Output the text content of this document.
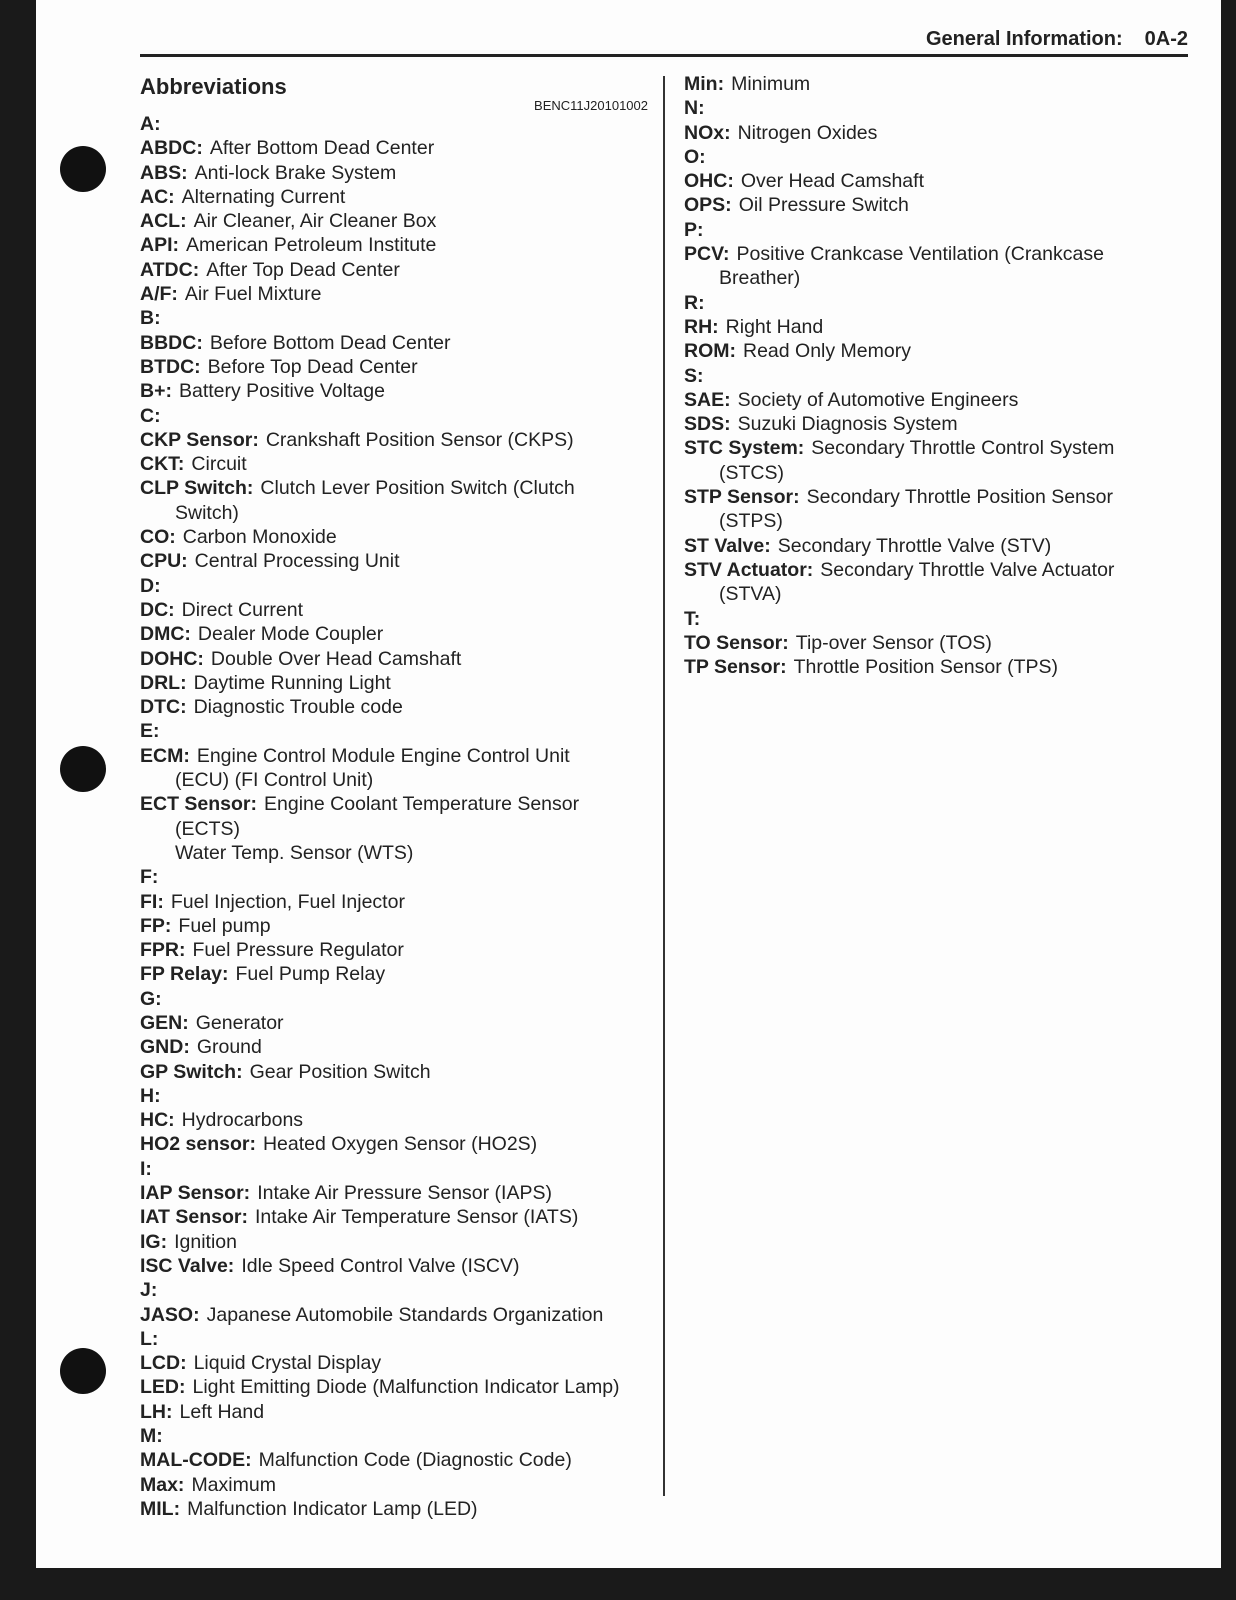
General Information: 0A-2
Abbreviations
BENC11J20101002
A:
ABDC: After Bottom Dead Center
ABS: Anti-lock Brake System
AC: Alternating Current
ACL: Air Cleaner, Air Cleaner Box
API: American Petroleum Institute
ATDC: After Top Dead Center
A/F: Air Fuel Mixture
B:
BBDC: Before Bottom Dead Center
BTDC: Before Top Dead Center
B+: Battery Positive Voltage
C:
CKP Sensor: Crankshaft Position Sensor (CKPS)
CKT: Circuit
CLP Switch: Clutch Lever Position Switch (Clutch
Switch)
CO: Carbon Monoxide
CPU: Central Processing Unit
D:
DC: Direct Current
DMC: Dealer Mode Coupler
DOHC: Double Over Head Camshaft
DRL: Daytime Running Light
DTC: Diagnostic Trouble code
E:
ECM: Engine Control Module Engine Control Unit
(ECU) (FI Control Unit)
ECT Sensor: Engine Coolant Temperature Sensor
(ECTS)
Water Temp. Sensor (WTS)
F:
FI: Fuel Injection, Fuel Injector
FP: Fuel pump
FPR: Fuel Pressure Regulator
FP Relay: Fuel Pump Relay
G:
GEN: Generator
GND: Ground
GP Switch: Gear Position Switch
H:
HC: Hydrocarbons
HO2 sensor: Heated Oxygen Sensor (HO2S)
I:
IAP Sensor: Intake Air Pressure Sensor (IAPS)
IAT Sensor: Intake Air Temperature Sensor (IATS)
IG: Ignition
ISC Valve: Idle Speed Control Valve (ISCV)
J:
JASO: Japanese Automobile Standards Organization
L:
LCD: Liquid Crystal Display
LED: Light Emitting Diode (Malfunction Indicator Lamp)
LH: Left Hand
M:
MAL-CODE: Malfunction Code (Diagnostic Code)
Max: Maximum
MIL: Malfunction Indicator Lamp (LED)
Min: Minimum
N:
NOx: Nitrogen Oxides
O:
OHC: Over Head Camshaft
OPS: Oil Pressure Switch
P:
PCV: Positive Crankcase Ventilation (Crankcase
Breather)
R:
RH: Right Hand
ROM: Read Only Memory
S:
SAE: Society of Automotive Engineers
SDS: Suzuki Diagnosis System
STC System: Secondary Throttle Control System
(STCS)
STP Sensor: Secondary Throttle Position Sensor
(STPS)
ST Valve: Secondary Throttle Valve (STV)
STV Actuator: Secondary Throttle Valve Actuator
(STVA)
T:
TO Sensor: Tip-over Sensor (TOS)
TP Sensor: Throttle Position Sensor (TPS)
